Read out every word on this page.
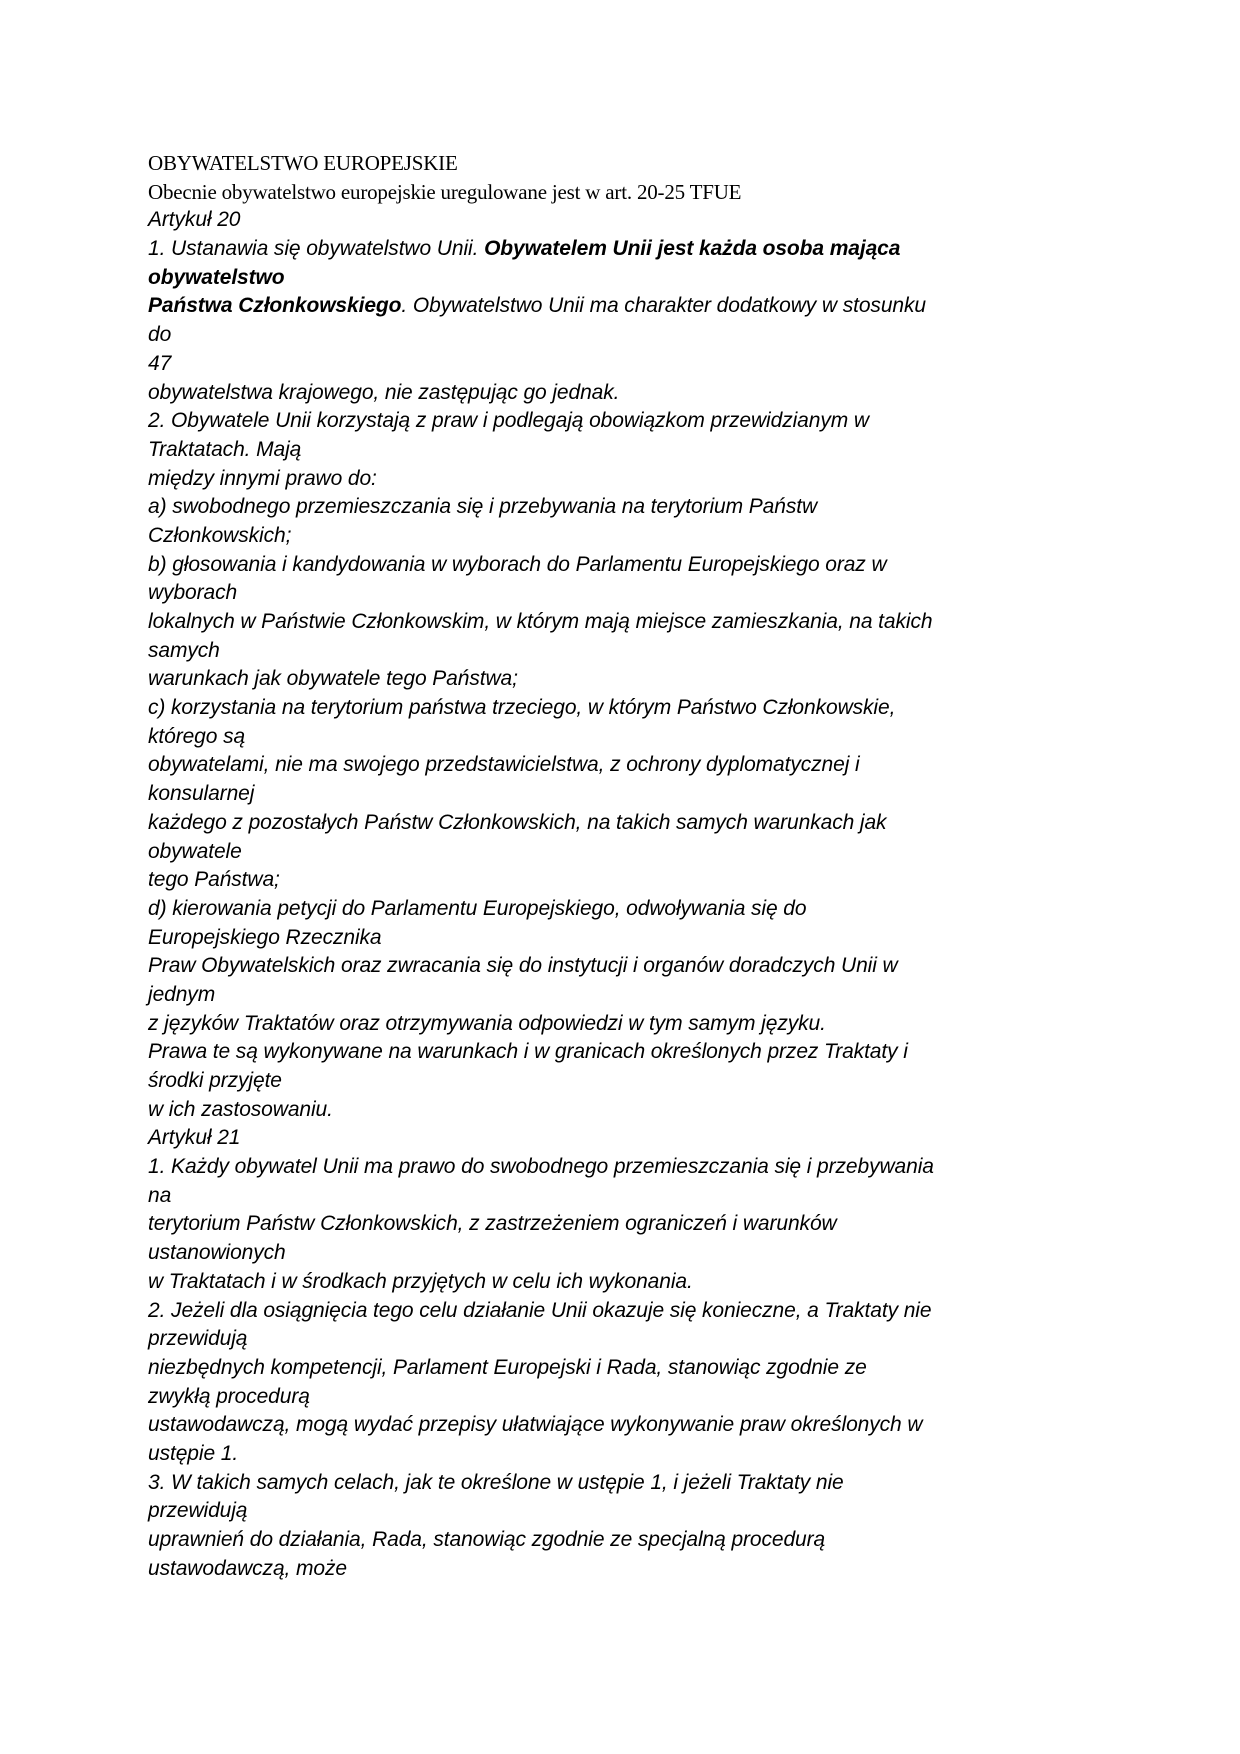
OBYWATELSTWO EUROPEJSKIE
Obecnie obywatelstwo europejskie uregulowane jest w art. 20-25 TFUE
Artykuł 20
1. Ustanawia się obywatelstwo Unii. Obywatelem Unii jest każda osoba mająca
obywatelstwo
Państwa Członkowskiego. Obywatelstwo Unii ma charakter dodatkowy w stosunku
do
47
obywatelstwa krajowego, nie zastępując go jednak.
2. Obywatele Unii korzystają z praw i podlegają obowiązkom przewidzianym w
Traktatach. Mają
między innymi prawo do:
a) swobodnego przemieszczania się i przebywania na terytorium Państw
Członkowskich;
b) głosowania i kandydowania w wyborach do Parlamentu Europejskiego oraz w
wyborach
lokalnych w Państwie Członkowskim, w którym mają miejsce zamieszkania, na takich
samych
warunkach jak obywatele tego Państwa;
c) korzystania na terytorium państwa trzeciego, w którym Państwo Członkowskie,
którego są
obywatelami, nie ma swojego przedstawicielstwa, z ochrony dyplomatycznej i
konsularnej
każdego z pozostałych Państw Członkowskich, na takich samych warunkach jak
obywatele
tego Państwa;
d) kierowania petycji do Parlamentu Europejskiego, odwoływania się do
Europejskiego Rzecznika
Praw Obywatelskich oraz zwracania się do instytucji i organów doradczych Unii w
jednym
z języków Traktatów oraz otrzymywania odpowiedzi w tym samym języku.
Prawa te są wykonywane na warunkach i w granicach określonych przez Traktaty i
środki przyjęte
w ich zastosowaniu.
Artykuł 21
1. Każdy obywatel Unii ma prawo do swobodnego przemieszczania się i przebywania
na
terytorium Państw Członkowskich, z zastrzeżeniem ograniczeń i warunków
ustanowionych
w Traktatach i w środkach przyjętych w celu ich wykonania.
2. Jeżeli dla osiągnięcia tego celu działanie Unii okazuje się konieczne, a Traktaty nie
przewidują
niezbędnych kompetencji, Parlament Europejski i Rada, stanowiąc zgodnie ze
zwykłą procedurą
ustawodawczą, mogą wydać przepisy ułatwiające wykonywanie praw określonych w
ustępie 1.
3. W takich samych celach, jak te określone w ustępie 1, i jeżeli Traktaty nie
przewidują
uprawnień do działania, Rada, stanowiąc zgodnie ze specjalną procedurą
ustawodawczą, może
